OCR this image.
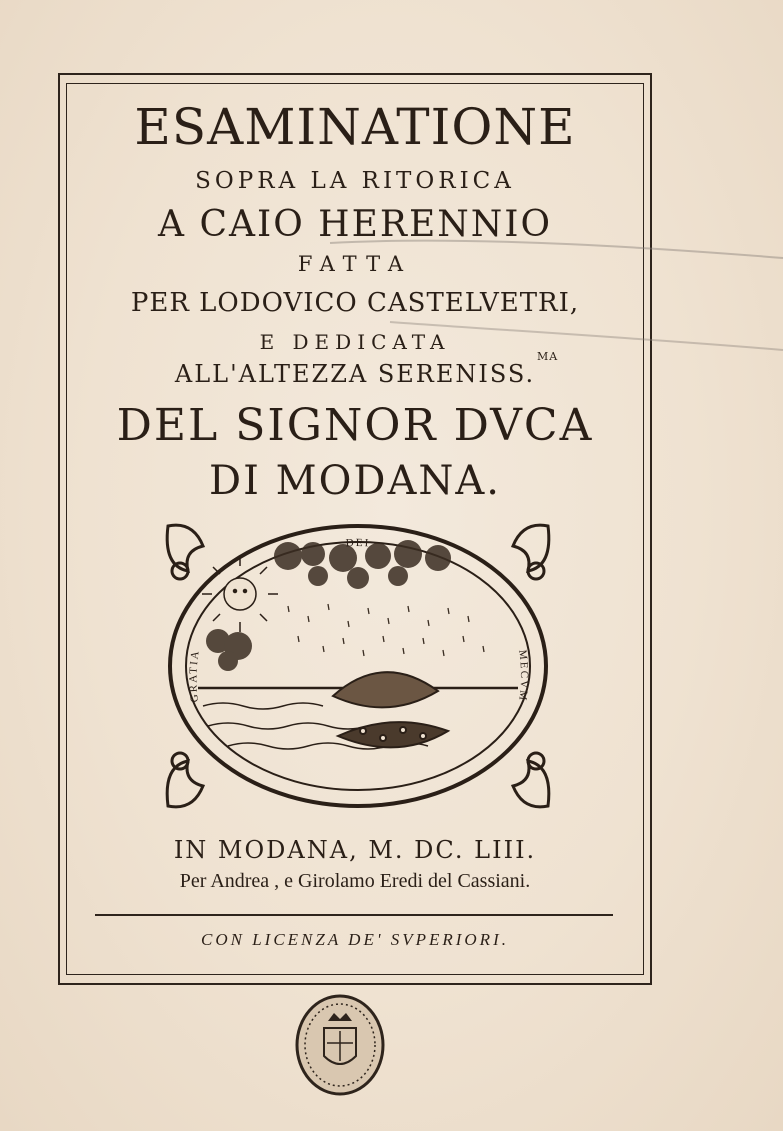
ESAMINATIONE
SOPRA LA RITORICA
A CAIO HERENNIO
FATTA
PER LODOVICO CASTELVETRI,
E DEDICATA
ALL'ALTEZZA SERENISS.
MA
DEL SIGNOR DVCA
DI MODANA.
DEI
GRATIA	MECVM
IN MODANA, M. DC. LIII.
Per Andrea , e Girolamo Eredi del Cassiani.
CON LICENZA DE' SVPERIORI.
